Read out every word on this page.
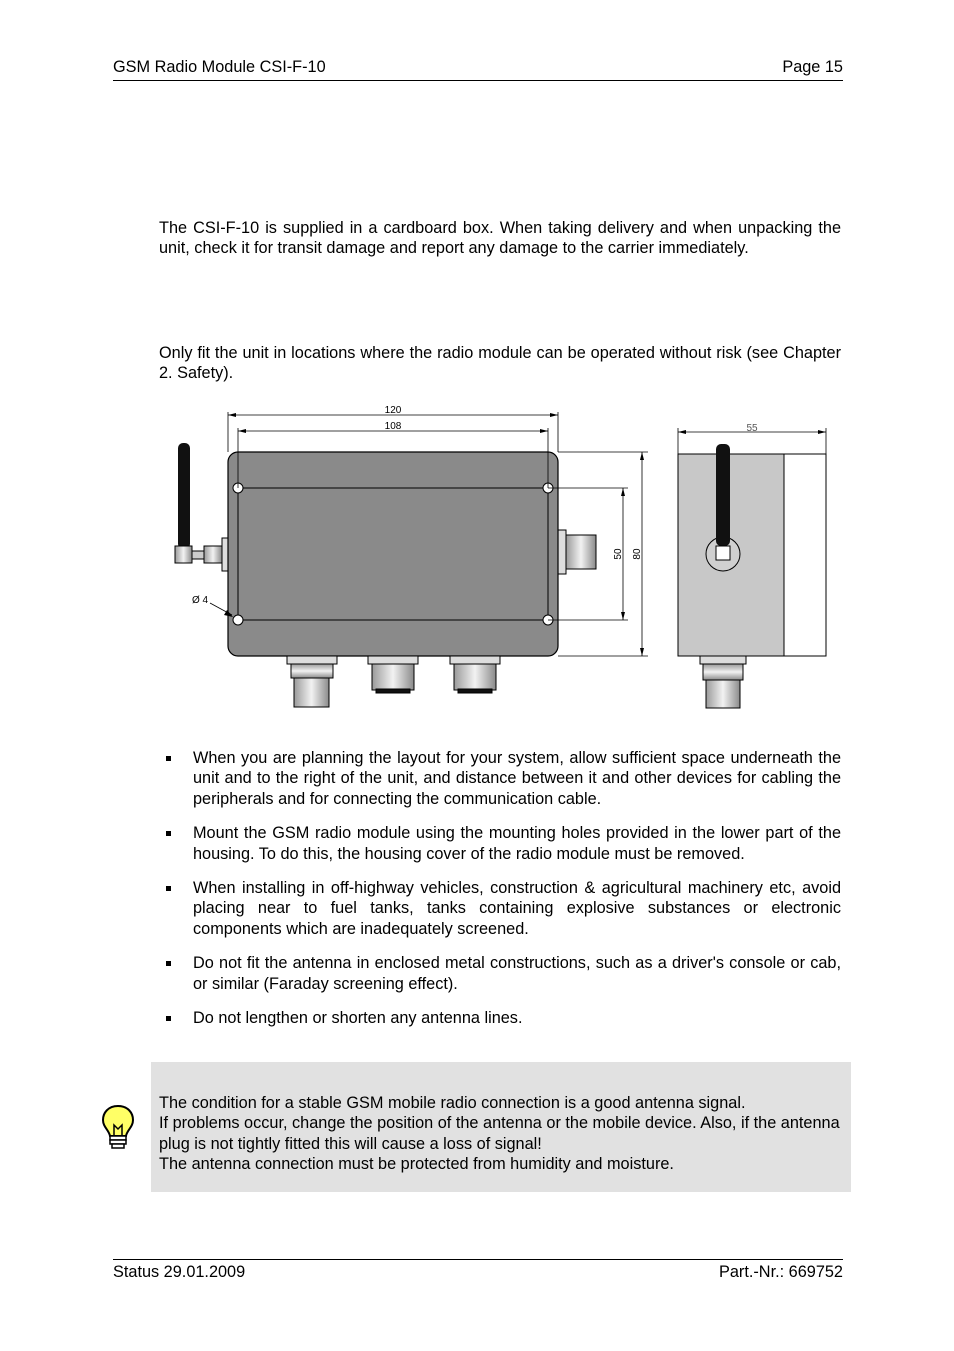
GSM Radio Module CSI-F-10	Page 15

The CSI-F-10 is supplied in a cardboard box. When taking delivery and when unpacking the unit, check it for transit damage and report any damage to the carrier immediately.

Only fit the unit in locations where the radio module can be operated without risk (see Chapter 2. Safety).

120
108
50 80
Ø 4
55
When you are planning the layout for your system, allow sufficient space underneath the unit and to the right of the unit, and distance between it and other devices for cabling the peripherals and for connecting the communication cable.
Mount the GSM radio module using the mounting holes provided in the lower part of the housing. To do this, the housing cover of the radio module must be removed.
When installing in off-highway vehicles, construction & agricultural machinery etc, avoid placing near to fuel tanks, tanks containing explosive substances or electronic components which are inadequately screened.
Do not fit the antenna in enclosed metal constructions, such as a driver's console or cab, or similar (Faraday screening effect).
Do not lengthen or shorten any antenna lines.
The condition for a stable GSM mobile radio connection is a good antenna signal.
If problems occur, change the position of the antenna or the mobile device. Also, if the antenna plug is not tightly fitted this will cause a loss of signal!
The antenna connection must be protected from humidity and moisture.
Status 29.01.2009	Part.-Nr.: 669752
